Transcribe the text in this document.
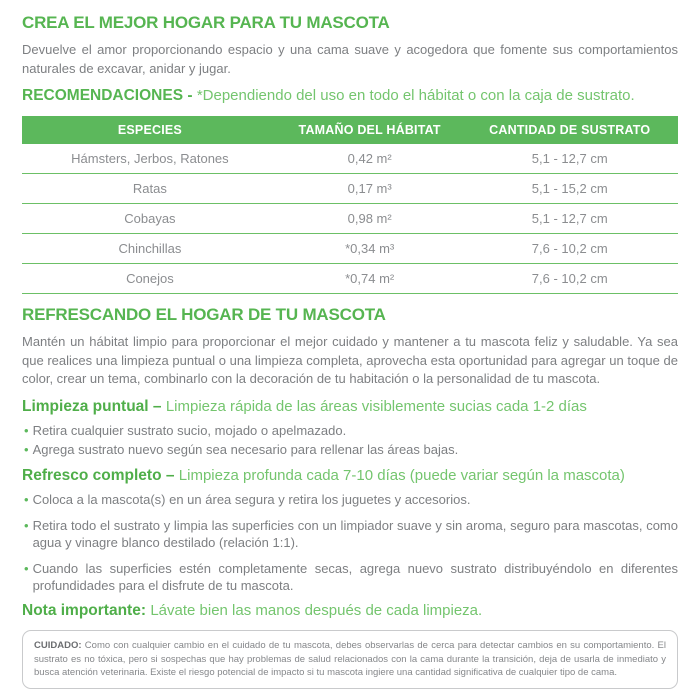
CREA EL MEJOR HOGAR PARA TU MASCOTA

Devuelve el amor proporcionando espacio y una cama suave y acogedora que fomente sus comportamientos naturales de excavar, anidar y jugar.

RECOMENDACIONES - *Dependiendo del uso en todo el hábitat o con la caja de sustrato.
ESPECIES	TAMAÑO DEL HÁBITAT	CANTIDAD DE SUSTRATO
Hámsters, Jerbos, Ratones	0,42 m²	5,1 - 12,7 cm
Ratas	0,17 m³	5,1 - 15,2 cm
Cobayas	0,98 m²	5,1 - 12,7 cm
Chinchillas	*0,34 m³	7,6 - 10,2 cm
Conejos	*0,74 m²	7,6 - 10,2 cm
REFRESCANDO EL HOGAR DE TU MASCOTA

Mantén un hábitat limpio para proporcionar el mejor cuidado y mantener a tu mascota feliz y saludable. Ya sea que realices una limpieza puntual o una limpieza completa, aprovecha esta oportunidad para agregar un toque de color, crear un tema, combinarlo con la decoración de tu habitación o la personalidad de tu mascota.

Limpieza puntual – Limpieza rápida de las áreas visiblemente sucias cada 1-2 días
• Retira cualquier sustrato sucio, mojado o apelmazado.
• Agrega sustrato nuevo según sea necesario para rellenar las áreas bajas.
Refresco completo – Limpieza profunda cada 7-10 días (puede variar según la mascota)
• Coloca a la mascota(s) en un área segura y retira los juguetes y accesorios.
• Retira todo el sustrato y limpia las superficies con un limpiador suave y sin aroma, seguro para mascotas, como agua y vinagre blanco destilado (relación 1:1).
• Cuando las superficies estén completamente secas, agrega nuevo sustrato distribuyéndolo en diferentes profundidades para el disfrute de tu mascota.
Nota importante: Lávate bien las manos después de cada limpieza.
CUIDADO: Como con cualquier cambio en el cuidado de tu mascota, debes observarlas de cerca para detectar cambios en su comportamiento. El sustrato es no tóxica, pero si sospechas que hay problemas de salud relacionados con la cama durante la transición, deja de usarla de inmediato y busca atención veterinaria. Existe el riesgo potencial de impacto si tu mascota ingiere una cantidad significativa de cualquier tipo de cama.
